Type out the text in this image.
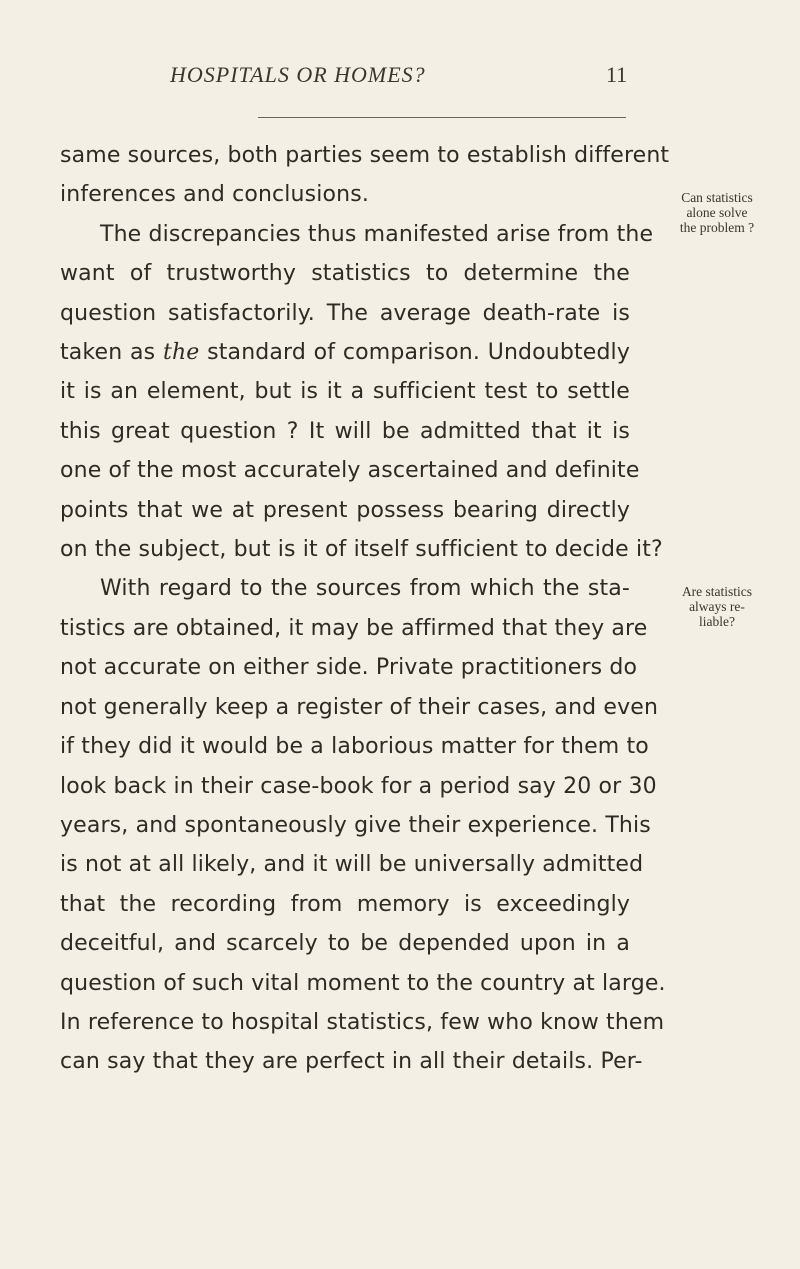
HOSPITALS OR HOMES?	11
same sources, both parties seem to establish different
inferences and conclusions.
The discrepancies thus manifested arise from the
want of trustworthy statistics to determine the
question satisfactorily. The average death-rate is
taken as the standard of comparison. Undoubtedly
it is an element, but is it a sufficient test to settle
this great question ? It will be admitted that it is
one of the most accurately ascertained and definite
points that we at present possess bearing directly
on the subject, but is it of itself sufficient to decide it?
With regard to the sources from which the sta-
tistics are obtained, it may be affirmed that they are
not accurate on either side. Private practitioners do
not generally keep a register of their cases, and even
if they did it would be a laborious matter for them to
look back in their case-book for a period say 20 or 30
years, and spontaneously give their experience. This
is not at all likely, and it will be universally admitted
that the recording from memory is exceedingly
deceitful, and scarcely to be depended upon in a
question of such vital moment to the country at large.
In reference to hospital statistics, few who know them
can say that they are perfect in all their details. Per-
Can statistics
alone solve
the problem ?
Are statistics
always re-
liable?
